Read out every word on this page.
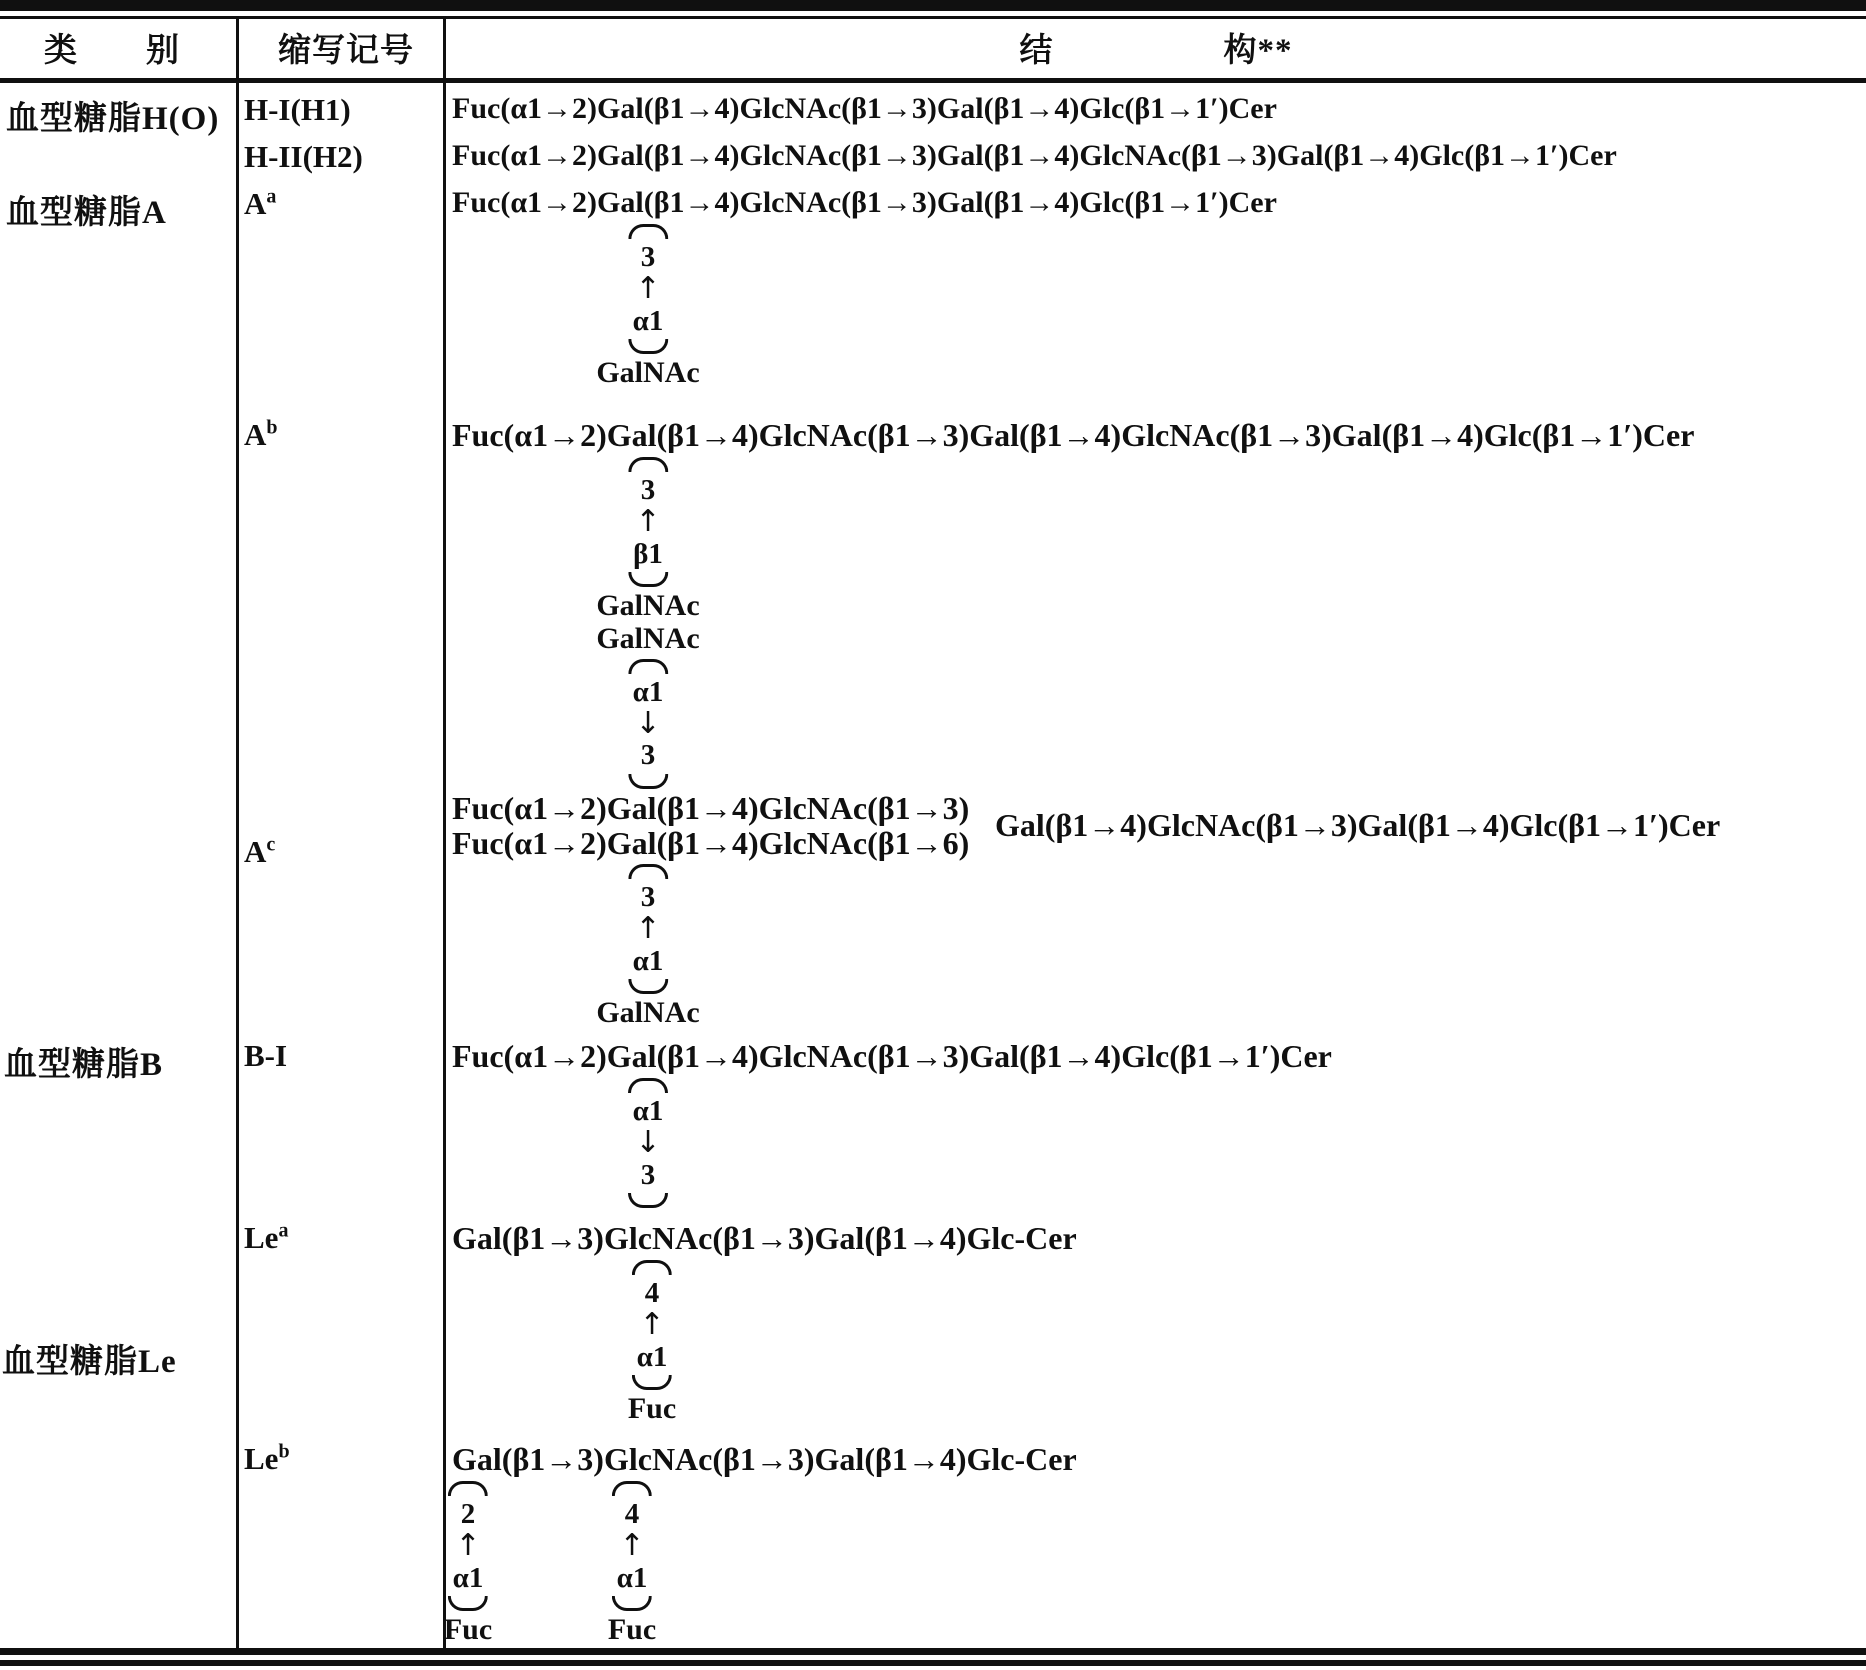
类　　别	缩写记号	结　　　　　构**
血型糖脂H(O)
血型糖脂A
血型糖脂B
血型糖脂Le
H-I(H1)
H-II(H2)
$A^a$
$A^b$
$A^c$
B-I
Le$^a$
Le$^b$
Fuc(α1→2)Gal(β1→4)GlcNAc(β1→3)Gal(β1→4)Glc(β1→1′)Cer
Fuc(α1→2)Gal(β1→4)GlcNAc(β1→3)Gal(β1→4)GlcNAc(β1→3)Gal(β1→4)Glc(β1→1′)Cer
Fuc(α1→2)Gal(β1→4)GlcNAc(β1→3)Gal(β1→4)Glc(β1→1′)Cer
3
↑
α1
GalNAc
Fuc(α1→2)Gal(β1→4)GlcNAc(β1→3)Gal(β1→4)GlcNAc(β1→3)Gal(β1→4)Glc(β1→1′)Cer
3
↑
β1
GalNAc
GalNAc
α1
↓
3
Fuc(α1→2)Gal(β1→4)GlcNAc(β1→3)
Fuc(α1→2)Gal(β1→4)GlcNAc(β1→6) Gal(β1→4)GlcNAc(β1→3)Gal(β1→4)Glc(β1→1′)Cer
3
↑
α1
GalNAc
Fuc(α1→2)Gal(β1→4)GlcNAc(β1→3)Gal(β1→4)Glc(β1→1′)Cer
α1
↓
3
Gal(β1→3)GlcNAc(β1→3)Gal(β1→4)Glc-Cer
4
↑
α1
Fuc
Gal(β1→3)GlcNAc(β1→3)Gal(β1→4)Glc-Cer
2
↑
α1
Fuc
4
↑
α1
Fuc
